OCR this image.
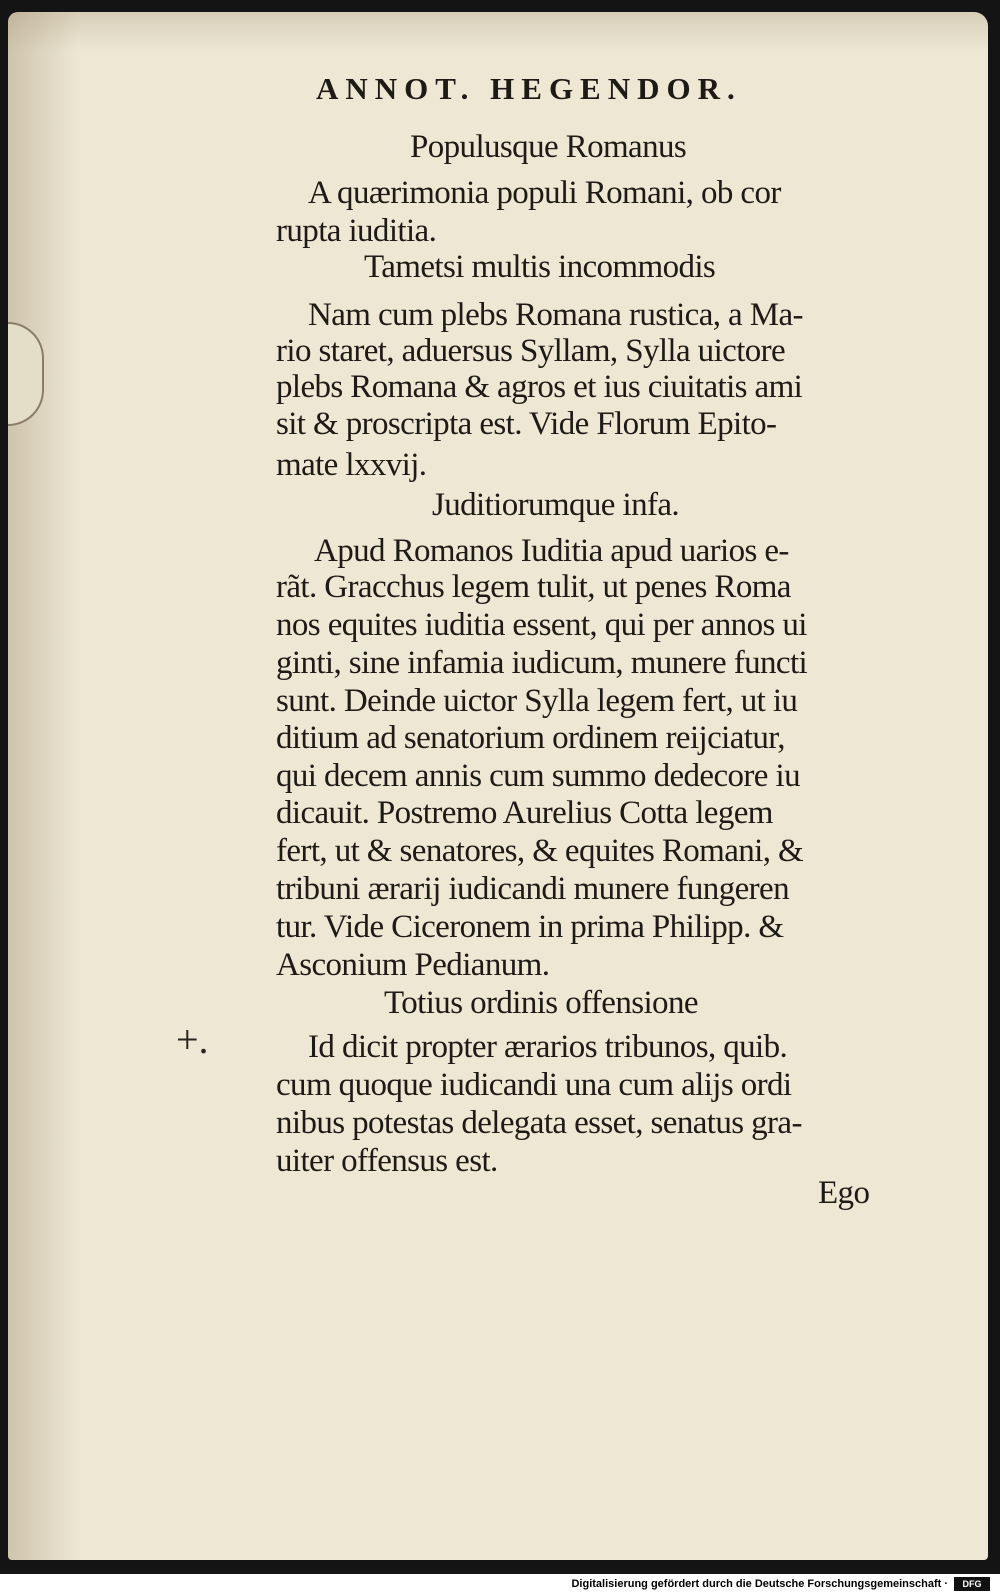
ANNOT. HEGENDOR.
Populusque Romanus
A quærimonia populi Romani, ob cor
rupta iuditia.
Tametsi multis incommodis
Nam cum plebs Romana rustica, a Ma-
rio staret, aduersus Syllam, Sylla uictore
plebs Romana & agros et ius ciuitatis ami
sit & proscripta est. Vide Florum Epito-
mate lxxvij.
Juditiorumque infa.
Apud Romanos Iuditia apud uarios e-
rãt. Gracchus legem tulit, ut penes Roma
nos equites iuditia essent, qui per annos ui
ginti, sine infamia iudicum, munere functi
sunt. Deinde uictor Sylla legem fert, ut iu
ditium ad senatorium ordinem reijciatur,
qui decem annis cum summo dedecore iu
dicauit. Postremo Aurelius Cotta legem
fert, ut & senatores, & equites Romani, &
tribuni ærarij iudicandi munere fungeren
tur. Vide Ciceronem in prima Philipp. &
Asconium Pedianum.
Totius ordinis offensione
Id dicit propter ærarios tribunos, quib.
cum quoque iudicandi una cum alijs ordi
nibus potestas delegata esset, senatus gra-
uiter offensus est.
Ego
+.
Digitalisierung gefördert durch die Deutsche Forschungsgemeinschaft ·	DFG
